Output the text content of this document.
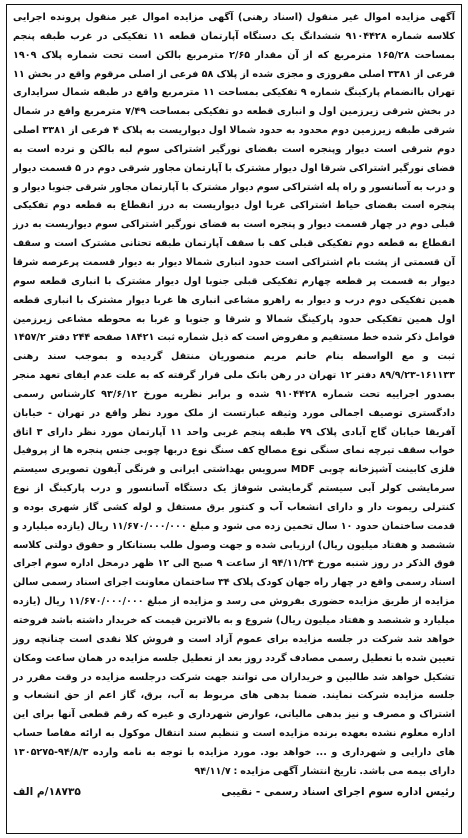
آگهی مزایده اموال غیر منقول (اسناد رهنی) آگهی مزایده اموال غیر منقول پرونده اجرایی کلاسه شماره ۹۱۰۴۴۲۸ ششدانگ یک دستگاه آپارتمان قطعه ۱۱ تفکیکی در غرب طبقه پنجم بمساحت ۱۶۵/۲۸ مترمربع که از آن مقدار ۲/۶۵ مترمربع بالکن است تحت شماره پلاک ۱۹۰۹ فرعی از ۳۳۸۱ اصلی مفروزی و مجزی شده از پلاک ۵۸ فرعی از اصلی مرقوم واقع در بخش ۱۱ تهران باانضمام پارکینگ شماره ۹ تفکیکی بمساحت ۱۱ مترمربع واقع در طبقه شمال سرایداری در بخش شرقی زیرزمین اول و انباری قطعه دو تفکیکی بمساحت ۷/۴۹ مترمربع واقع در شمال شرقی طبقه زیرزمین دوم محدود به حدود شمالا اول دیواریست به پلاک ۴ فرعی از ۳۳۸۱ اصلی دوم شرقی است دیوار وپنجره است بفضای نورگیر اشتراکی سوم لبه بالکن و نرده است به فضای نورگیر اشتراکی شرقا اول دیوار مشترک با آپارتمان مجاور شرقی دوم در ۵ قسمت دیوار و درب به آسانسور و راه پله اشتراکی سوم دیوار مشترک با آپارتمان مجاور شرقی جنوبا دیوار و پنجره است بفضای حیاط اشتراکی غربا اول دیواریست به درز انقطاع به قطعه دوم تفکیکی قبلی دوم در چهار قسمت دیوار و پنجره است به فضای نورگیر اشتراکی سوم دیواریست به درز انقطاع به قطعه دوم تفکیکی قبلی کف با سقف آپارتمان طبقه تحتانی مشترک است و سقف آن قسمتی از پشت بام اشتراکی است حدود انباری شمالا دیوار به دیوار قسمت پرعرصه شرقا دیوار به قسمت پر قطعه چهارم تفکیکی قبلی جنوبا اول دیوار مشترک با انباری قطعه سوم همین تفکیکی دوم درب و دیوار به راهرو مشاعی انباری ها غربا دیوار مشترک با انباری قطعه اول همین تفکیکی حدود پارکینگ شمالا و شرقا و جنوبا و غربا به محوطه مشاعی زیرزمین فوامل ذکر شده خط مستقیم و مفروض است که ذیل شماره ثبت ۱۸۴۲۱ صفحه ۲۴۴ دفتر ۱۴۵۷/۲ ثبت و مع الواسطه بنام خانم مریم منصوریان منتقل گردیده و بموجب سند رهنی ۱۶۱۱۳۳-۸۹/۹/۲۳ دفتر ۱۲ تهران در رهن بانک ملی قرار گرفته که به علت عدم ایفای تعهد منجر بصدور اجراییه تحت شماره ۹۱۰۴۴۲۸ شده و برابر نظریه مورخ ۹۳/۶/۱۲ کارشناس رسمی دادگستری توصیف اجمالی مورد وثیقه عبارتست از ملک مورد نظر واقع در تهران - خیابان آفریقا خیابان گاج آبادی پلاک ۷۹ طبقه پنجم غربی واحد ۱۱ آپارتمان مورد نظر دارای ۳ اتاق خواب سقف تیرچه نمای سنگی نوع مصالح کف سنگ نوع دربها چوبی جنس پنجره ها از پروفیل فلزی کابینت آشپزخانه چوبی MDF سرویس بهداشتی ایرانی و فرنگی آیفون تصویری سیستم سرمایشی کولر آبی سیستم گرمایشی شوفاژ یک دستگاه آسانسور و درب پارکینگ از نوع کنترلی ریموت دار و دارای انشعاب آب و کنتور برق مستقل و لوله کشی گاز شهری بوده و قدمت ساختمان حدود ۱۰ سال تخمین زده می شود و مبلغ ۱۱/۶۷۰/۰۰۰/۰۰۰ ریال (یازده میلیارد و ششصد و هفتاد میلیون ریال) ارزیابی شده و جهت وصول طلب بستانکار و حقوق دولتی کلاسه فوق الذکر در روز شنبه مورخ ۹۴/۱۱/۲۴ از ساعت ۹ صبح الی ۱۲ ظهر درمحل اداره سوم اجرای اسناد رسمی واقع در چهار راه جهان کودک پلاک ۳۴ ساختمان معاونت اجرای اسناد رسمی سالن مزایده از طریق مزایده حضوری بفروش می رسد و مزایده از مبلغ ۱۱/۶۷۰/۰۰۰/۰۰۰ ریال (یازده میلیارد و ششصد و هفتاد میلیون ریال) شروع و به بالاترین قیمت که خریدار داشته باشد فروخته خواهد شد شرکت در جلسه مزایده برای عموم آزاد است و فروش کلا نقدی است چنانچه روز تعیین شده با تعطیل رسمی مصادف گردد روز بعد از تعطیل جلسه مزایده در همان ساعت ومکان تشکیل خواهد شد طالبین و خریداران می توانند جهت شرکت درجلسه مزایده در وقت مقرر در جلسه مزایده شرکت نمایند. ضمنا بدهی های مربوط به آب، برق، گاز اعم از حق انشعاب و اشتراک و مصرف و نیز بدهی مالیاتی، عوارض شهرداری و غیره که رقم قطعی آنها برای این اداره معلوم نشده بعهده برنده مزایده است و تنظیم سند انتقال موکول به ارائه مفاصا حساب های دارایی و شهرداری و ... خواهد بود. مورد مزایده با توجه به نامه وارده ۹۴/۸/۳-۱۳۰۵۲۷۵ دارای بیمه می باشد. تاریخ انتشار آگهی مزایده : ۹۴/۱۱/۷

رئیس اداره سوم اجرای اسناد رسمی - نقیبی
۱۸۷۳۵/م الف
